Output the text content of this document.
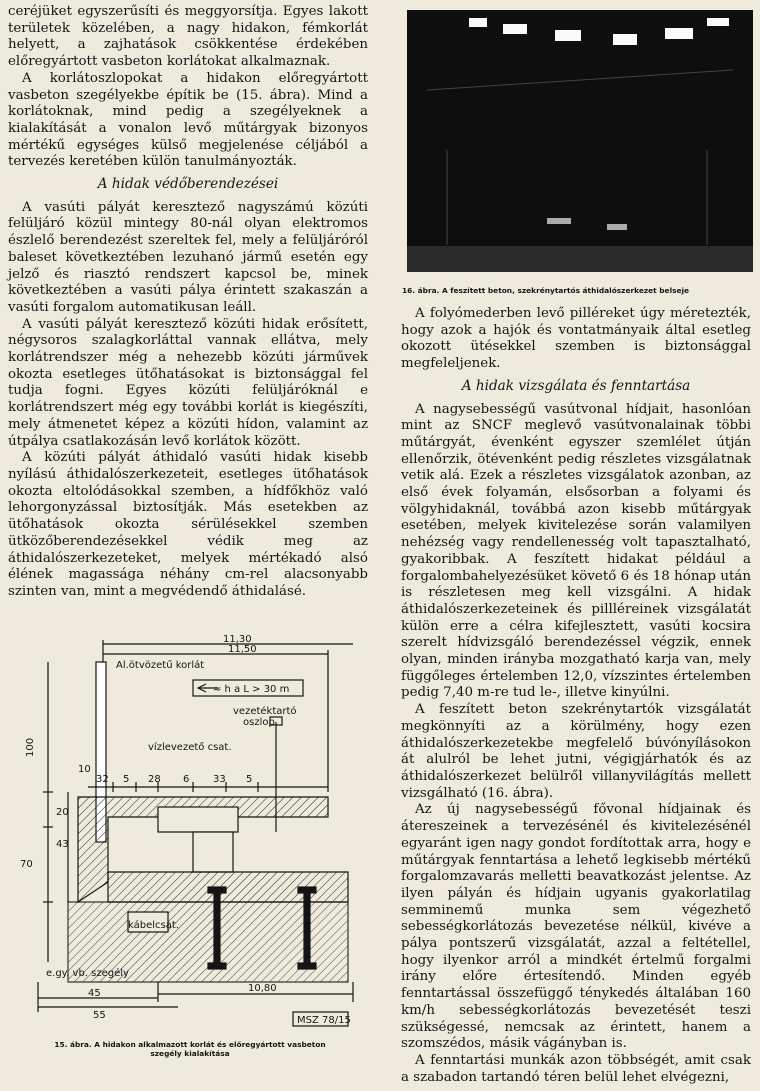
ceréjüket egyszerűsíti és meggyorsítja. Egyes lakott területek közelében, a nagy hidakon, fémkorlát helyett, a zajhatások csökkentése érdekében előregyártott vasbeton korlátokat alkalmaznak.

A korlátoszlopokat a hidakon előregyártott vasbeton szegélyekbe építik be (15. ábra). Mind a korlátoknak, mind pedig a szegélyeknek a kialakítását a vonalon levő műtárgyak bizonyos mértékű egységes külső megjelenése céljából a tervezés keretében külön tanulmányozták.

A hidak védőberendezései

A vasúti pályát keresztező nagyszámú közúti felüljáró közül mintegy 80-nál olyan elektromos észlelő berendezést szereltek fel, mely a felüljáróról baleset következtében lezuhanó jármű esetén egy jelző és riasztó rendszert kapcsol be, minek következtében a vasúti pálya érintett szakaszán a vasúti forgalom automatikusan leáll.

A vasúti pályát keresztező közúti hidak erősített, négysoros szalagkorláttal vannak ellátva, mely korlátrendszer még a nehezebb közúti járművek okozta esetleges ütőhatásokat is biztonsággal fel tudja fogni. Egyes közúti felüljáróknál e korlátrendszert még egy további korlát is kiegészíti, mely átmenetet képez a közúti hídon, valamint az útpálya csatlakozásán levő korlátok között.

A közúti pályát áthidaló vasúti hidak kisebb nyílású áthidalószerkezeteit, esetleges ütőhatások okozta eltolódásokkal szemben, a hídfőkhöz való lehorgonyzással biztosítják. Más esetekben az ütőhatások okozta sérülésekkel szemben ütközőberendezésekkel védik meg az áthidalószerkezeteket, melyek mértékadó alsó élének magassága néhány cm-rel alacsonyabb szinten van, mint a megvédendő áthidalásé.

11,30
11,50
Al.ötvözetű korlát
≈ h a L > 30 m
vezetéktartó
oszlop
vízlevezető csat.
100
10
32 5 28 6 33 5
20
43
70
kábelcsat.
e.gy. vb. szegély
45
55
10,80
MSZ 78/15
15. ábra. A hidakon alkalmazott korlát és előregyártott vasbeton szegély kialakítása
16. ábra. A feszített beton, szekrénytartós áthidalószerkezet belseje

A folyómederben levő pilléreket úgy méretezték, hogy azok a hajók és vontatmányaik által esetleg okozott ütésekkel szemben is biztonsággal megfeleljenek.

A hidak vizsgálata és fenntartása

A nagysebességű vasútvonal hídjait, hasonlóan mint az SNCF meglevő vasútvonalainak többi műtárgyát, évenként egyszer szemlélet útján ellenőrzik, ötévenként pedig részletes vizsgálatnak vetik alá. Ezek a részletes vizsgálatok azonban, az első évek folyamán, elsősorban a folyami és völgyhidaknál, továbbá azon kisebb műtárgyak esetében, melyek kivitelezése során valamilyen nehézség vagy rendellenesség volt tapasztalható, gyakoribbak. A feszített hidakat például a forgalombahelyezésüket követő 6 és 18 hónap után is részletesen meg kell vizsgálni. A hidak áthidalószerkezeteinek és pillléreinek vizsgálatát külön erre a célra kifejlesztett, vasúti kocsira szerelt hídvizsgáló berendezéssel végzik, ennek olyan, minden irányba mozgatható karja van, mely függőleges értelemben 12,0, vízszintes értelemben pedig 7,40 m-re tud le-, illetve kinyúlni.

A feszített beton szekrénytartók vizsgálatát megkönnyíti az a körülmény, hogy ezen áthidalószerkezetekbe megfelelő búvónyílásokon át alulról be lehet jutni, végigjárhatók és az áthidalószerkezet belülről villanyvilágítás mellett vizsgálható (16. ábra).

Az új nagysebességű fővonal hídjainak és átereszeinek a tervezésénél és kivitelezésénél egyaránt igen nagy gondot fordítottak arra, hogy e műtárgyak fenntartása a lehető legkisebb mértékű forgalomzavarás melletti beavatkozást jelentse. Az ilyen pályán és hídjain ugyanis gyakorlatilag semminemű munka sem végezhető sebességkorlátozás bevezetése nélkül, kivéve a pálya pontszerű vizsgálatát, azzal a feltétellel, hogy ilyenkor arról a mindkét értelmű forgalmi irány előre értesítendő. Minden egyéb fenntartással összefüggő ténykedés általában 160 km/h sebességkorlátozás bevezetését teszi szükségessé, nemcsak az érintett, hanem a szomszédos, másik vágányban is.

A fenntartási munkák azon többségét, amit csak a szabadon tartandó téren belül lehet elvégezni,
